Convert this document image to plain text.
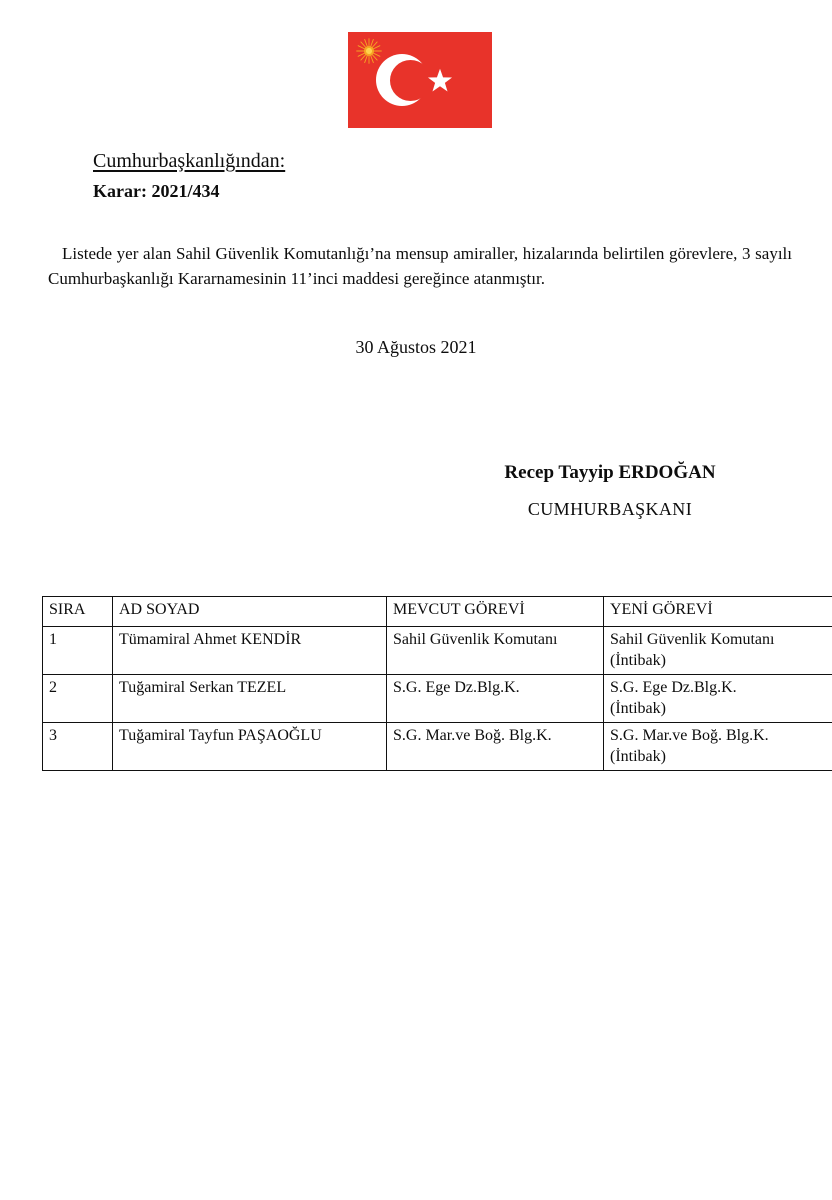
Cumhurbaşkanlığından:
Karar: 2021/434

Listede yer alan Sahil Güvenlik Komutanlığı’na mensup amiraller, hizalarında belirtilen görevlere, 3 sayılı Cumhurbaşkanlığı Kararnamesinin 11’inci maddesi gereğince atanmıştır.

30 Ağustos 2021
Recep Tayyip ERDOĞAN
CUMHURBAŞKANI
SIRA	AD SOYAD	MEVCUT GÖREVİ	YENİ GÖREVİ
1	Tümamiral Ahmet KENDİR	Sahil Güvenlik Komutanı	Sahil Güvenlik Komutanı
(İntibak)

2	Tuğamiral Serkan TEZEL	S.G. Ege Dz.Blg.K.	S.G. Ege Dz.Blg.K.
(İntibak)

3	Tuğamiral Tayfun PAŞAOĞLU	S.G. Mar.ve Boğ. Blg.K.	S.G. Mar.ve Boğ. Blg.K.
(İntibak)
